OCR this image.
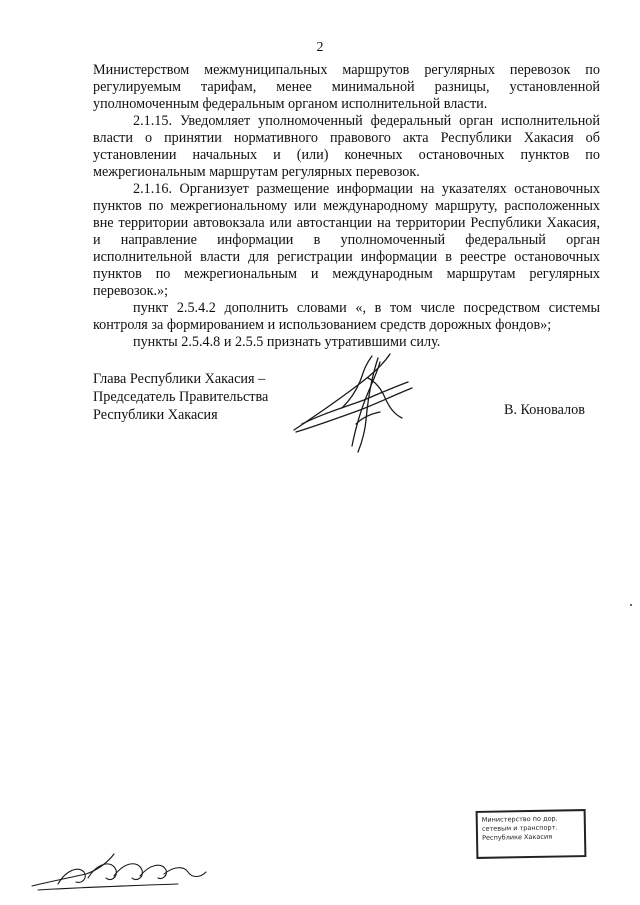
2

Министерством межмуниципальных маршрутов регулярных перевозок по регулируемым тарифам, менее минимальной разницы, установленной уполномоченным федеральным органом исполнительной власти.

2.1.15. Уведомляет уполномоченный федеральный орган исполнительной власти о принятии нормативного правового акта Республики Хакасия об установлении начальных и (или) конечных остановочных пунктов по межрегиональным маршрутам регулярных перевозок.

2.1.16. Организует размещение информации на указателях остановочных пунктов по межрегиональному или международному маршруту, расположенных вне территории автовокзала или автостанции на территории Республики Хакасия, и направление информации в уполномоченный федеральный орган исполнительной власти для регистрации информации в реестре остановочных пунктов по межрегиональным и международным маршрутам регулярных перевозок.»;

пункт 2.5.4.2 дополнить словами «, в том числе посредством системы контроля за формированием и использованием средств дорожных фондов»;

пункты 2.5.4.8 и 2.5.5 признать утратившими силу.

Глава Республики Хакасия –
Председатель Правительства
Республики Хакасия	В. Коновалов
Министерство по дор.
сетевым и транспорт.
Республике Хакасия
